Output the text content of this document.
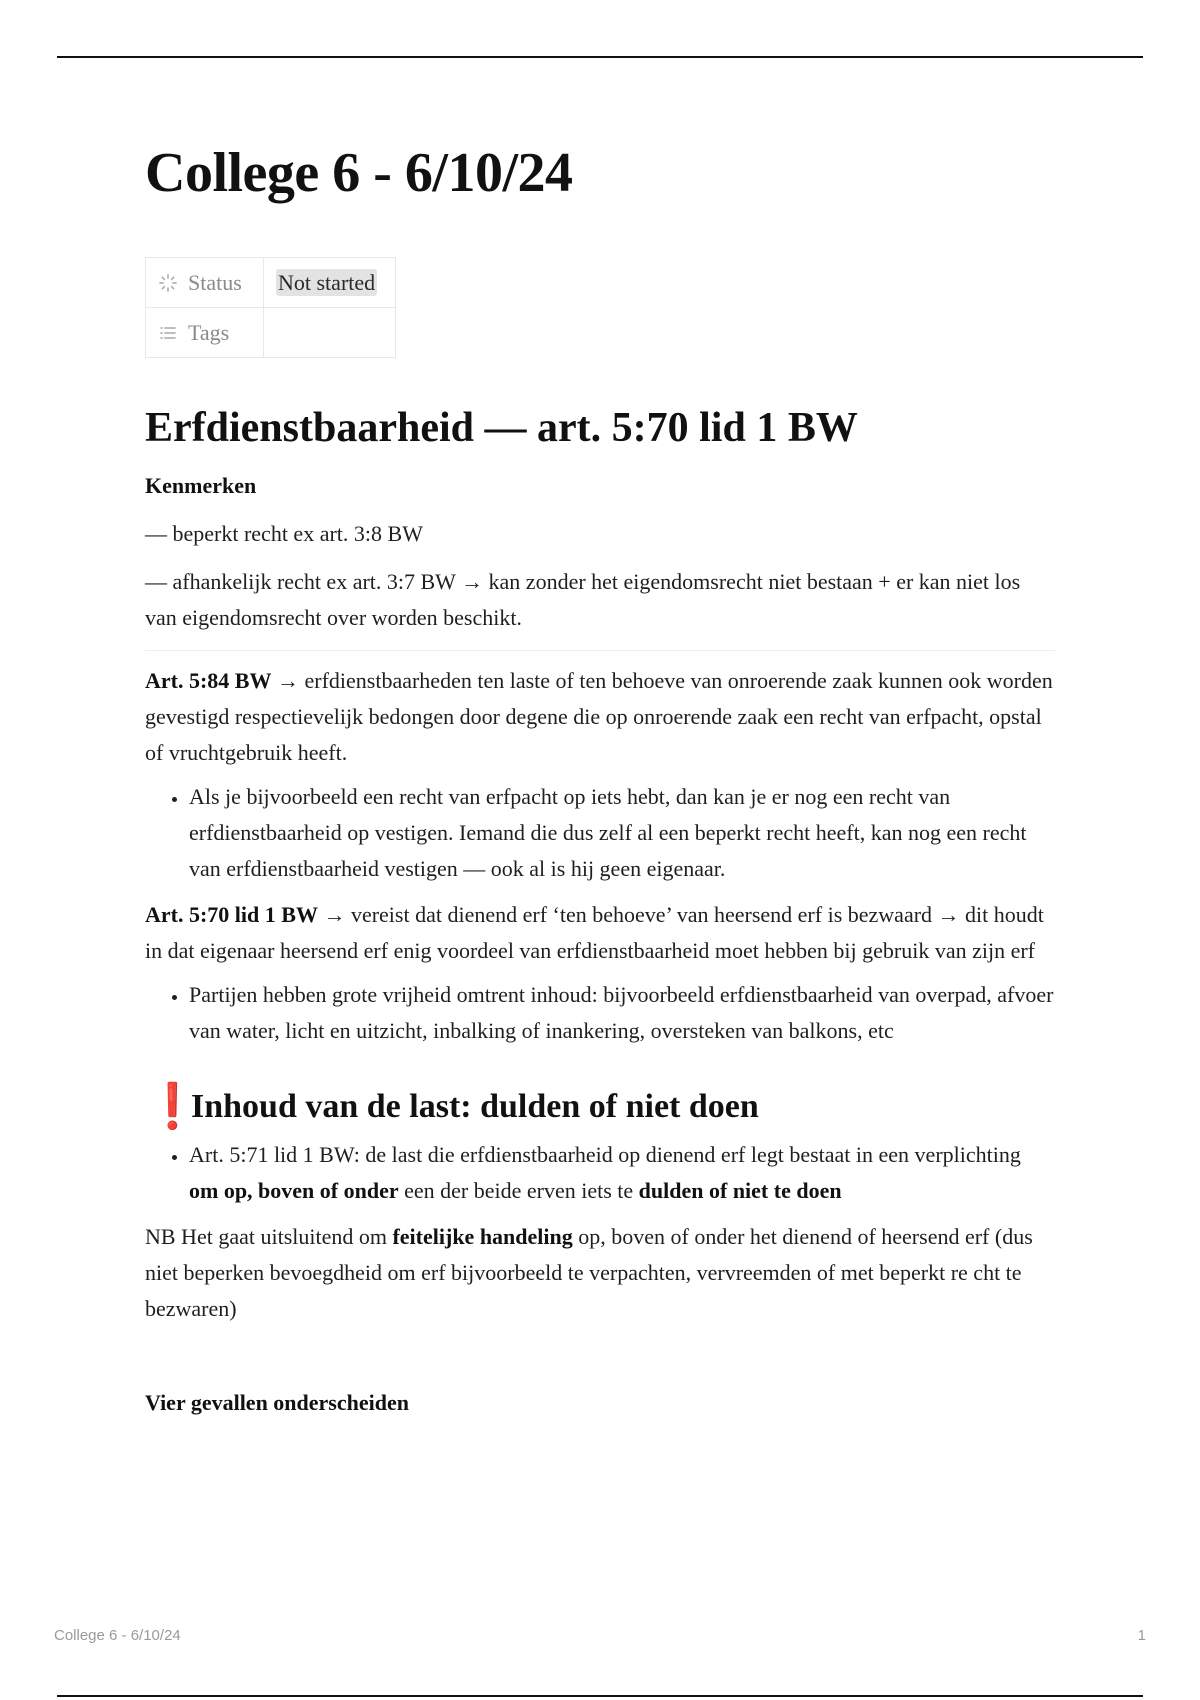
College 6 - 6/10/24
Status	Not started

Tags	

Erfdienstbaarheid — art. 5:70 lid 1 BW

Kenmerken

— beperkt recht ex art. 3:8 BW

— afhankelijk recht ex art. 3:7 BW → kan zonder het eigendomsrecht niet bestaan + er kan niet los van eigendomsrecht over worden beschikt.

Art. 5:84 BW → erfdienstbaarheden ten laste of ten behoeve van onroerende zaak kunnen ook worden gevestigd respectievelijk bedongen door degene die op onroerende zaak een recht van erfpacht, opstal of vruchtgebruik heeft.

• Als je bijvoorbeeld een recht van erfpacht op iets hebt, dan kan je er nog een recht van erfdienstbaarheid op vestigen. Iemand die dus zelf al een beperkt recht heeft, kan nog een recht van erfdienstbaarheid vestigen — ook al is hij geen eigenaar.

Art. 5:70 lid 1 BW → vereist dat dienend erf ‘ten behoeve’ van heersend erf is bezwaard → dit houdt in dat eigenaar heersend erf enig voordeel van erfdienstbaarheid moet hebben bij gebruik van zijn erf

• Partijen hebben grote vrijheid omtrent inhoud: bijvoorbeeld erfdienstbaarheid van overpad, afvoer van water, licht en uitzicht, inbalking of inankering, oversteken van balkons, etc
❗
Inhoud van de last: dulden of niet doen
• Art. 5:71 lid 1 BW: de last die erfdienstbaarheid op dienend erf legt bestaat in een verplichting om op, boven of onder een der beide erven iets te dulden of niet te doen

NB Het gaat uitsluitend om feitelijke handeling op, boven of onder het dienend of heersend erf (dus niet beperken bevoegdheid om erf bijvoorbeeld te verpachten, vervreemden of met beperkt re cht te bezwaren)

Vier gevallen onderscheiden

College 6 - 6/10/24	1
